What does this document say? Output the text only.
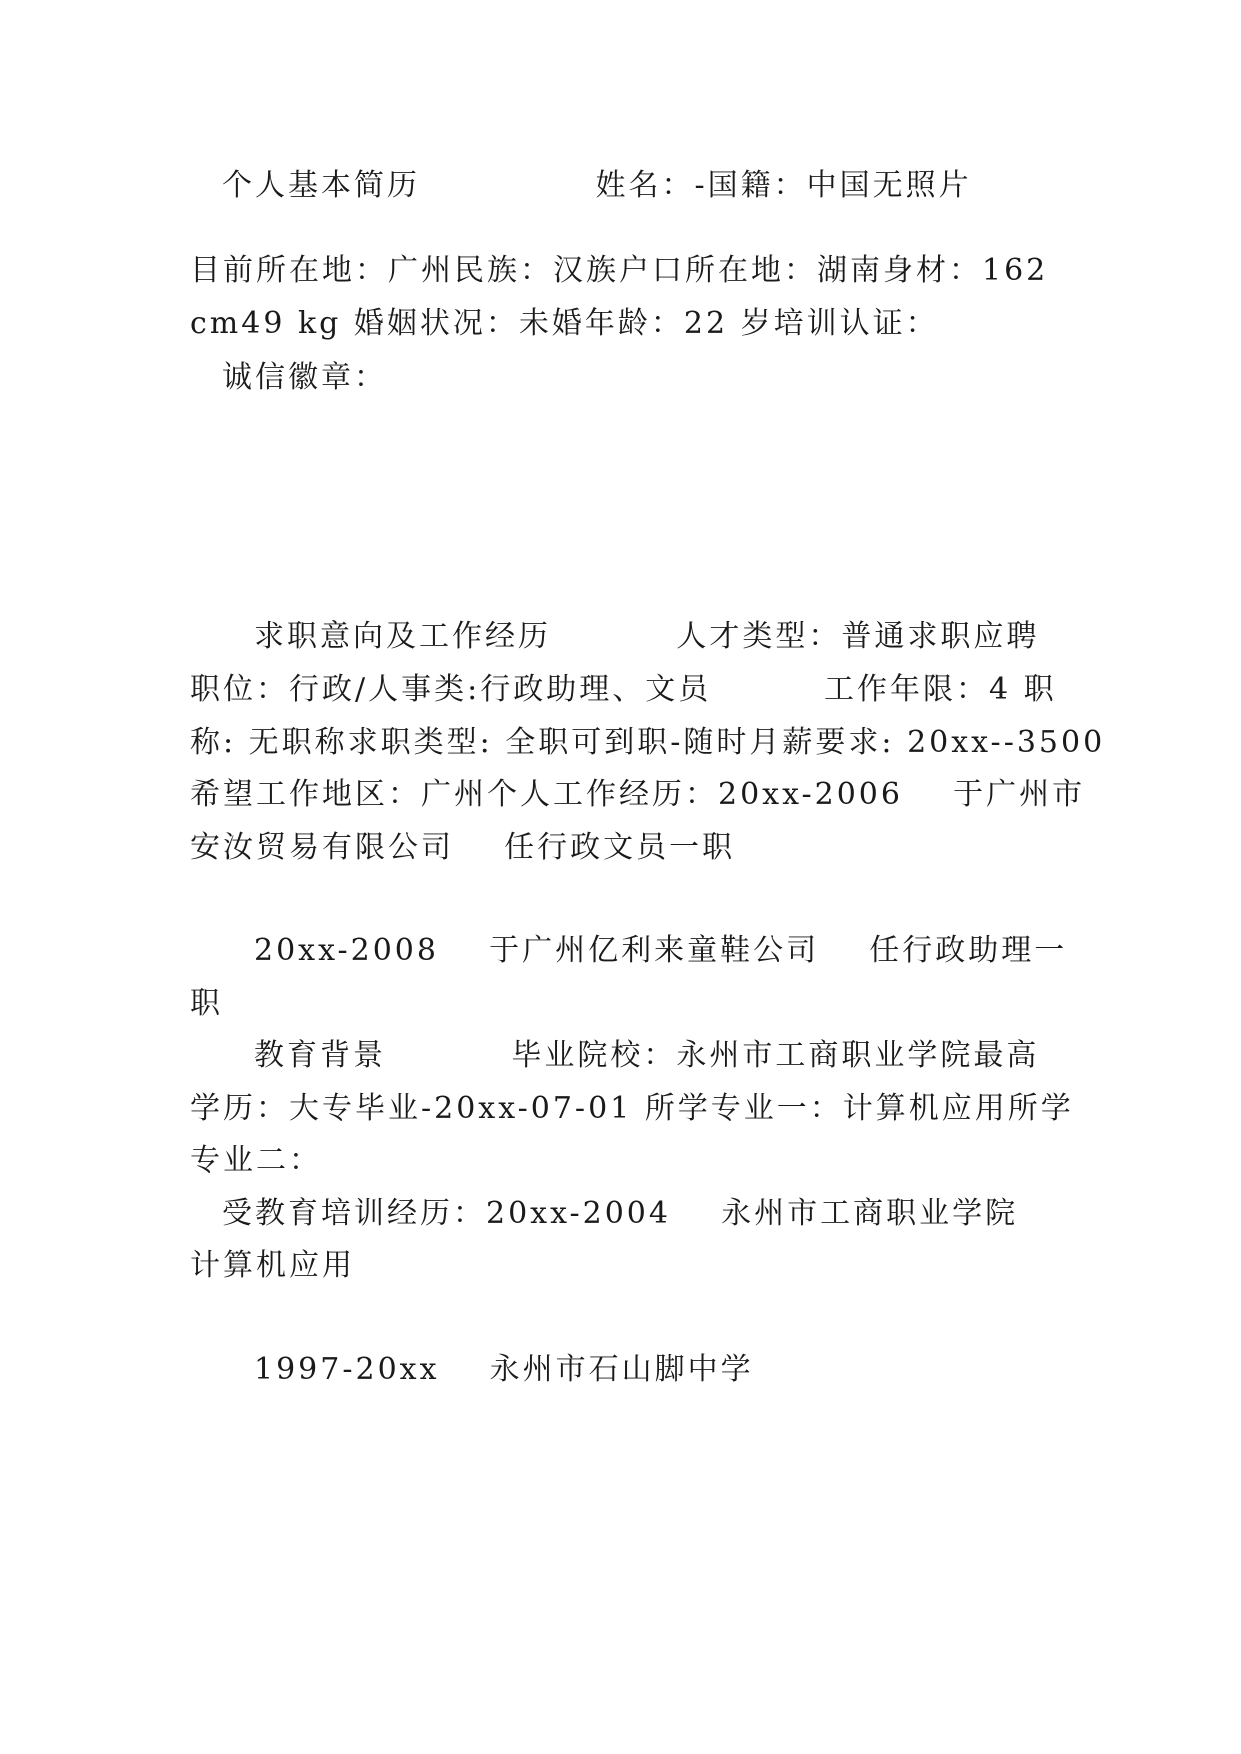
个人基本简历              姓名：-国籍：中国无照片
目前所在地：广州民族：汉族户口所在地：湖南身材：162
cm49 kg 婚姻状况：未婚年龄：22 岁培训认证：
诚信徽章：
求职意向及工作经历          人才类型：普通求职应聘
职位：行政/人事类:行政助理、文员         工作年限：4 职
称: 无职称求职类型: 全职可到职-随时月薪要求: 20xx--3500
希望工作地区：广州个人工作经历：20xx-2006    于广州市
安汝贸易有限公司    任行政文员一职
20xx-2008    于广州亿利来童鞋公司    任行政助理一
职
教育背景          毕业院校：永州市工商职业学院最高
学历：大专毕业-20xx-07-01 所学专业一：计算机应用所学
专业二：
受教育培训经历：20xx-2004    永州市工商职业学院
计算机应用
1997-20xx    永州市石山脚中学
